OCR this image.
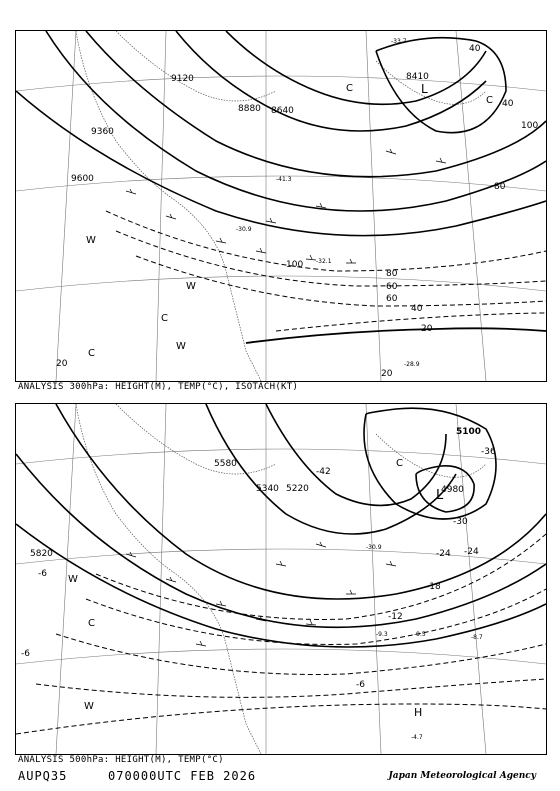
9120
9360
9600
8880 8640
8410
100
80
60
40
20
20
40
80
100
60
40
20
L
C
C
W
W
C
W
C
-28.9
-32.1
-30.9
-33.7
-41.3
ANALYSIS 300hPa: HEIGHT(M), TEMP(°C), ISOTACH(KT)
5100
4980
5340 5220
5580
5820
-36
-30
-24
-18
-12
-6
-6
-6
-42
-24
L
C
W
C
W	H
-4.7
-9.3	-9.5	-8.7
-30.9
ANALYSIS 500hPa: HEIGHT(M), TEMP(°C)
AUPQ35	070000UTC FEB 2026	Japan Meteorological Agency
